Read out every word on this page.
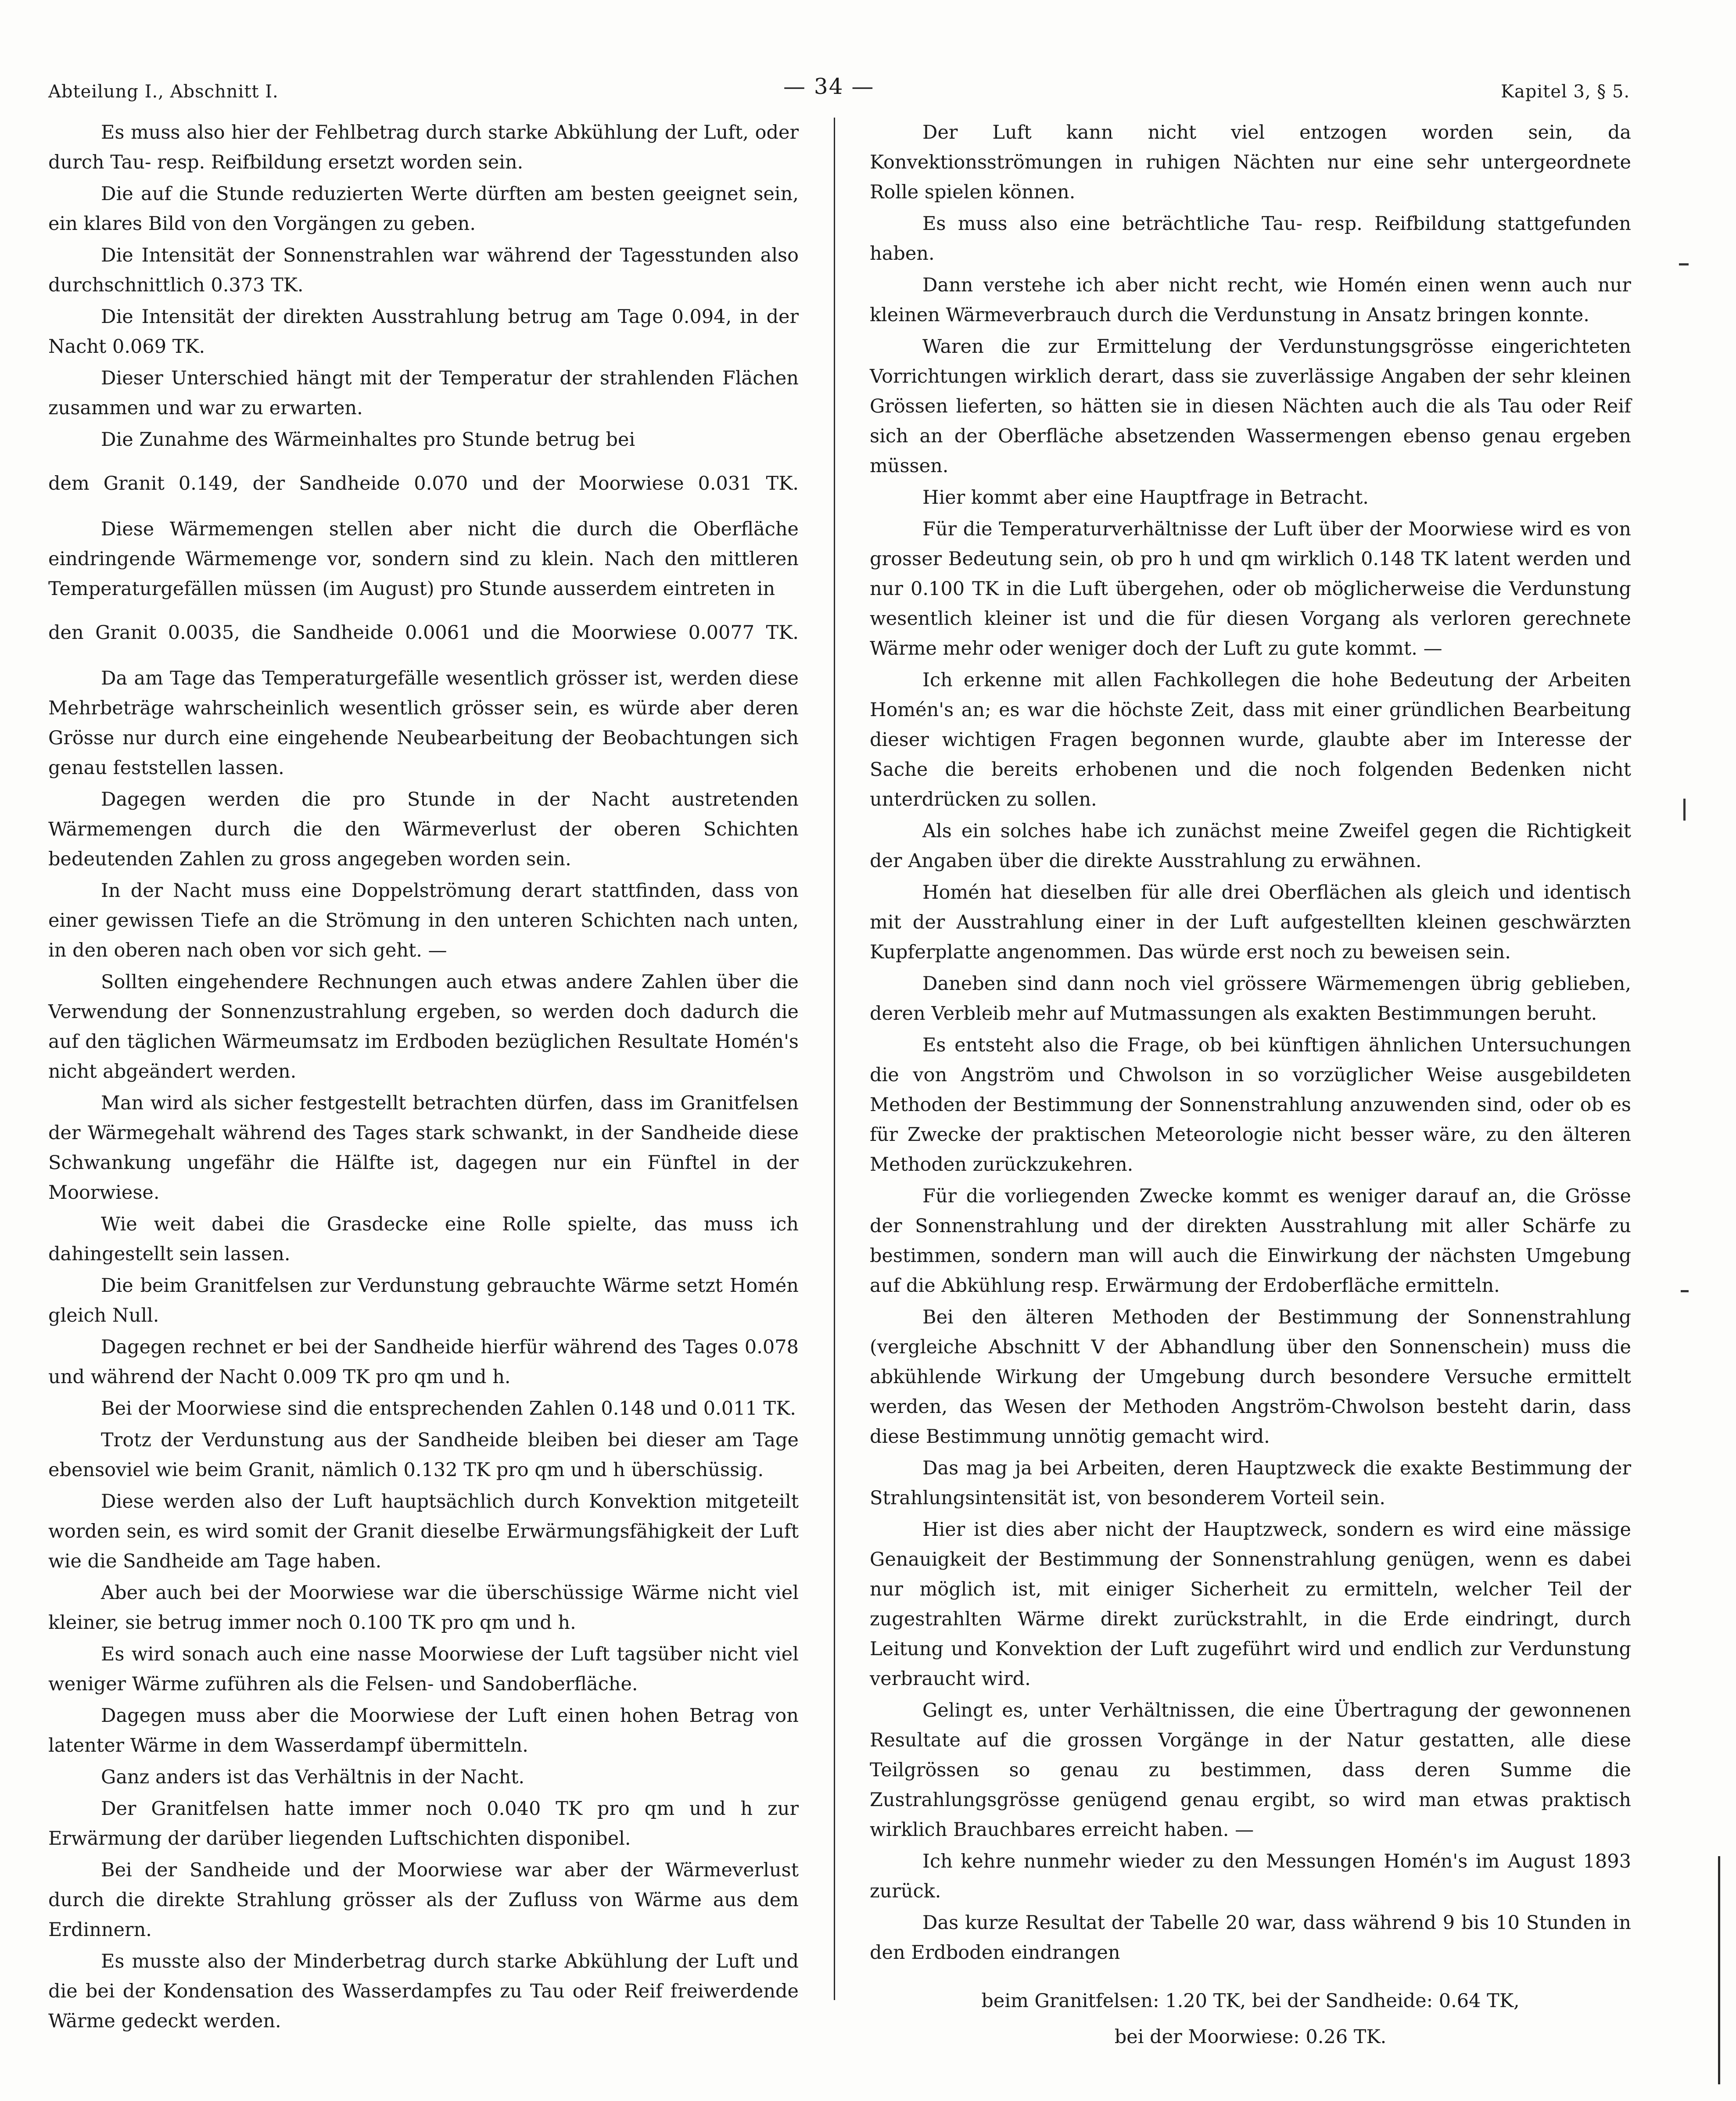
Abteilung I., Abschnitt I.	— 34 —	Kapitel 3, § 5.

Es muss also hier der Fehlbetrag durch starke Abkühlung der Luft, oder durch Tau- resp. Reifbildung ersetzt worden sein.

Die auf die Stunde reduzierten Werte dürften am besten geeignet sein, ein klares Bild von den Vorgängen zu geben.

Die Intensität der Sonnenstrahlen war während der Tagesstunden also durchschnittlich 0.373 TK.

Die Intensität der direkten Ausstrahlung betrug am Tage 0.094, in der Nacht 0.069 TK.

Dieser Unterschied hängt mit der Temperatur der strahlenden Flächen zusammen und war zu erwarten.

Die Zunahme des Wärmeinhaltes pro Stunde betrug bei

dem Granit 0.149, der Sandheide 0.070 und der Moorwiese 0.031 TK.

Diese Wärmemengen stellen aber nicht die durch die Oberfläche eindringende Wärmemenge vor, sondern sind zu klein. Nach den mittleren Temperaturgefällen müssen (im August) pro Stunde ausserdem eintreten in

den Granit 0.0035, die Sandheide 0.0061 und die Moorwiese 0.0077 TK.

Da am Tage das Temperaturgefälle wesentlich grösser ist, werden diese Mehrbeträge wahrscheinlich wesentlich grösser sein, es würde aber deren Grösse nur durch eine eingehende Neubearbeitung der Beobachtungen sich genau feststellen lassen.

Dagegen werden die pro Stunde in der Nacht austretenden Wärmemengen durch die den Wärmeverlust der oberen Schichten bedeutenden Zahlen zu gross angegeben worden sein.

In der Nacht muss eine Doppelströmung derart stattfinden, dass von einer gewissen Tiefe an die Strömung in den unteren Schichten nach unten, in den oberen nach oben vor sich geht. —

Sollten eingehendere Rechnungen auch etwas andere Zahlen über die Verwendung der Sonnenzustrahlung ergeben, so werden doch dadurch die auf den täglichen Wärmeumsatz im Erdboden bezüglichen Resultate Homén's nicht abgeändert werden.

Man wird als sicher festgestellt betrachten dürfen, dass im Granitfelsen der Wärmegehalt während des Tages stark schwankt, in der Sandheide diese Schwankung ungefähr die Hälfte ist, dagegen nur ein Fünftel in der Moorwiese.

Wie weit dabei die Grasdecke eine Rolle spielte, das muss ich dahingestellt sein lassen.

Die beim Granitfelsen zur Verdunstung gebrauchte Wärme setzt Homén gleich Null.

Dagegen rechnet er bei der Sandheide hierfür während des Tages 0.078 und während der Nacht 0.009 TK pro qm und h.

Bei der Moorwiese sind die entsprechenden Zahlen 0.148 und 0.011 TK.

Trotz der Verdunstung aus der Sandheide bleiben bei dieser am Tage ebensoviel wie beim Granit, nämlich 0.132 TK pro qm und h überschüssig.

Diese werden also der Luft hauptsächlich durch Konvektion mitgeteilt worden sein, es wird somit der Granit dieselbe Erwärmungsfähigkeit der Luft wie die Sandheide am Tage haben.

Aber auch bei der Moorwiese war die überschüssige Wärme nicht viel kleiner, sie betrug immer noch 0.100 TK pro qm und h.

Es wird sonach auch eine nasse Moorwiese der Luft tagsüber nicht viel weniger Wärme zuführen als die Felsen- und Sandoberfläche.

Dagegen muss aber die Moorwiese der Luft einen hohen Betrag von latenter Wärme in dem Wasserdampf übermitteln.

Ganz anders ist das Verhältnis in der Nacht.

Der Granitfelsen hatte immer noch 0.040 TK pro qm und h zur Erwärmung der darüber liegenden Luftschichten disponibel.

Bei der Sandheide und der Moorwiese war aber der Wärmeverlust durch die direkte Strahlung grösser als der Zufluss von Wärme aus dem Erdinnern.

Es musste also der Minderbetrag durch starke Abkühlung der Luft und die bei der Kondensation des Wasserdampfes zu Tau oder Reif freiwerdende Wärme gedeckt werden.

Der Luft kann nicht viel entzogen worden sein, da Konvektionsströmungen in ruhigen Nächten nur eine sehr untergeordnete Rolle spielen können.

Es muss also eine beträchtliche Tau- resp. Reifbildung stattgefunden haben.

Dann verstehe ich aber nicht recht, wie Homén einen wenn auch nur kleinen Wärmeverbrauch durch die Verdunstung in Ansatz bringen konnte.

Waren die zur Ermittelung der Verdunstungsgrösse eingerichteten Vorrichtungen wirklich derart, dass sie zuverlässige Angaben der sehr kleinen Grössen lieferten, so hätten sie in diesen Nächten auch die als Tau oder Reif sich an der Oberfläche absetzenden Wassermengen ebenso genau ergeben müssen.

Hier kommt aber eine Hauptfrage in Betracht.

Für die Temperaturverhältnisse der Luft über der Moorwiese wird es von grosser Bedeutung sein, ob pro h und qm wirklich 0.148 TK latent werden und nur 0.100 TK in die Luft übergehen, oder ob möglicherweise die Verdunstung wesentlich kleiner ist und die für diesen Vorgang als verloren gerechnete Wärme mehr oder weniger doch der Luft zu gute kommt. —

Ich erkenne mit allen Fachkollegen die hohe Bedeutung der Arbeiten Homén's an; es war die höchste Zeit, dass mit einer gründlichen Bearbeitung dieser wichtigen Fragen begonnen wurde, glaubte aber im Interesse der Sache die bereits erhobenen und die noch folgenden Bedenken nicht unterdrücken zu sollen.

Als ein solches habe ich zunächst meine Zweifel gegen die Richtigkeit der Angaben über die direkte Ausstrahlung zu erwähnen.

Homén hat dieselben für alle drei Oberflächen als gleich und identisch mit der Ausstrahlung einer in der Luft aufgestellten kleinen geschwärzten Kupferplatte angenommen. Das würde erst noch zu beweisen sein.

Daneben sind dann noch viel grössere Wärmemengen übrig geblieben, deren Verbleib mehr auf Mutmassungen als exakten Bestimmungen beruht.

Es entsteht also die Frage, ob bei künftigen ähnlichen Untersuchungen die von Angström und Chwolson in so vorzüglicher Weise ausgebildeten Methoden der Bestimmung der Sonnenstrahlung anzuwenden sind, oder ob es für Zwecke der praktischen Meteorologie nicht besser wäre, zu den älteren Methoden zurückzukehren.

Für die vorliegenden Zwecke kommt es weniger darauf an, die Grösse der Sonnenstrahlung und der direkten Ausstrahlung mit aller Schärfe zu bestimmen, sondern man will auch die Einwirkung der nächsten Umgebung auf die Abkühlung resp. Erwärmung der Erdoberfläche ermitteln.

Bei den älteren Methoden der Bestimmung der Sonnenstrahlung (vergleiche Abschnitt V der Abhandlung über den Sonnenschein) muss die abkühlende Wirkung der Umgebung durch besondere Versuche ermittelt werden, das Wesen der Methoden Angström-Chwolson besteht darin, dass diese Bestimmung unnötig gemacht wird.

Das mag ja bei Arbeiten, deren Hauptzweck die exakte Bestimmung der Strahlungsintensität ist, von besonderem Vorteil sein.

Hier ist dies aber nicht der Hauptzweck, sondern es wird eine mässige Genauigkeit der Bestimmung der Sonnenstrahlung genügen, wenn es dabei nur möglich ist, mit einiger Sicherheit zu ermitteln, welcher Teil der zugestrahlten Wärme direkt zurückstrahlt, in die Erde eindringt, durch Leitung und Konvektion der Luft zugeführt wird und endlich zur Verdunstung verbraucht wird.

Gelingt es, unter Verhältnissen, die eine Übertragung der gewonnenen Resultate auf die grossen Vorgänge in der Natur gestatten, alle diese Teilgrössen so genau zu bestimmen, dass deren Summe die Zustrahlungsgrösse genügend genau ergibt, so wird man etwas praktisch wirklich Brauchbares erreicht haben. —

Ich kehre nunmehr wieder zu den Messungen Homén's im August 1893 zurück.

Das kurze Resultat der Tabelle 20 war, dass während 9 bis 10 Stunden in den Erdboden eindrangen

beim Granitfelsen: 1.20 TK, bei der Sandheide: 0.64 TK,

bei der Moorwiese: 0.26 TK.
